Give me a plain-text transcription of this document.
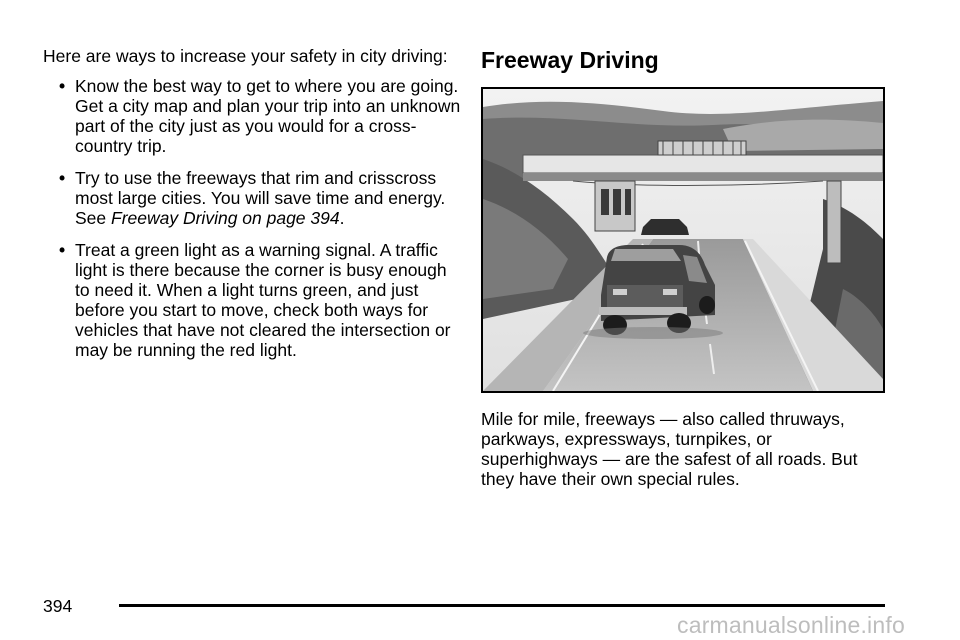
Here are ways to increase your safety in city driving:

• Know the best way to get to where you are going. Get a city map and plan your trip into an unknown part of the city just as you would for a cross-country trip.
• Try to use the freeways that rim and crisscross most large cities. You will save time and energy. See Freeway Driving on page 394.
• Treat a green light as a warning signal. A traffic light is there because the corner is busy enough to need it. When a light turns green, and just before you start to move, check both ways for vehicles that have not cleared the intersection or may be running the red light.
Freeway Driving

Mile for mile, freeways — also called thruways, parkways, expressways, turnpikes, or superhighways — are the safest of all roads. But they have their own special rules.

394
carmanualsonline.info
